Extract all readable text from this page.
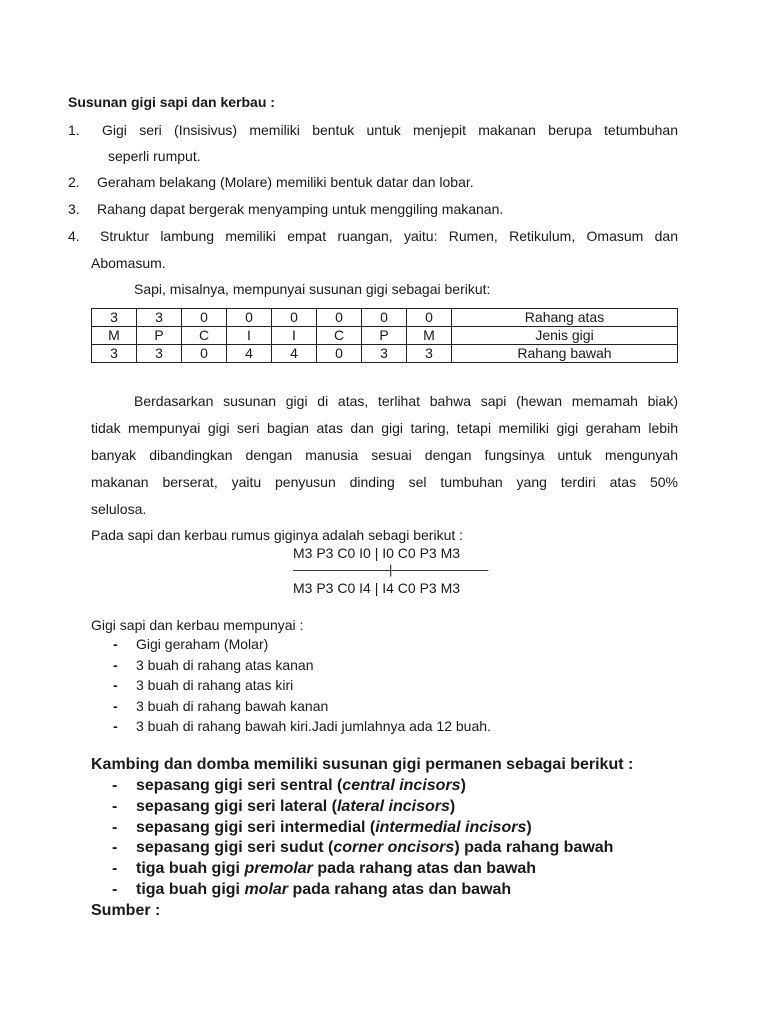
Susunan gigi sapi dan kerbau :
1. Gigi seri (Insisivus) memiliki bentuk untuk menjepit makanan berupa tetumbuhan
seperli rumput.
2. Geraham belakang (Molare) memiliki bentuk datar dan lobar.
3. Rahang dapat bergerak menyamping untuk menggiling makanan.
4. Struktur lambung memiliki empat ruangan, yaitu: Rumen, Retikulum, Omasum dan
Abomasum.
Sapi, misalnya, mempunyai susunan gigi sebagai berikut:
3	3	0	0	0	0	0	0	Rahang atas
M	P	C	I	I	C	P	M	Jenis gigi
3	3	0	4	4	0	3	3	Rahang bawah
Berdasarkan susunan gigi di atas, terlihat bahwa sapi (hewan memamah biak)
tidak mempunyai gigi seri bagian atas dan gigi taring, tetapi memiliki gigi geraham lebih
banyak dibandingkan dengan manusia sesuai dengan fungsinya untuk mengunyah
makanan berserat, yaitu penyusun dinding sel tumbuhan yang terdiri atas 50%
selulosa.
Pada sapi dan kerbau rumus giginya adalah sebagi berikut :
M3 P3 C0 I0 | I0 C0 P3 M3
————————|————————
M3 P3 C0 I4 | I4 C0 P3 M3
Gigi sapi dan kerbau mempunyai :
- Gigi geraham (Molar)
- 3 buah di rahang atas kanan
- 3 buah di rahang atas kiri
- 3 buah di rahang bawah kanan
- 3 buah di rahang bawah kiri.Jadi jumlahnya ada 12 buah.
Kambing dan domba memiliki susunan gigi permanen sebagai berikut :
- sepasang gigi seri sentral (central incisors)
- sepasang gigi seri lateral (lateral incisors)
- sepasang gigi seri intermedial (intermedial incisors)
- sepasang gigi seri sudut (corner oncisors) pada rahang bawah
- tiga buah gigi premolar pada rahang atas dan bawah
- tiga buah gigi molar pada rahang atas dan bawah
Sumber :
